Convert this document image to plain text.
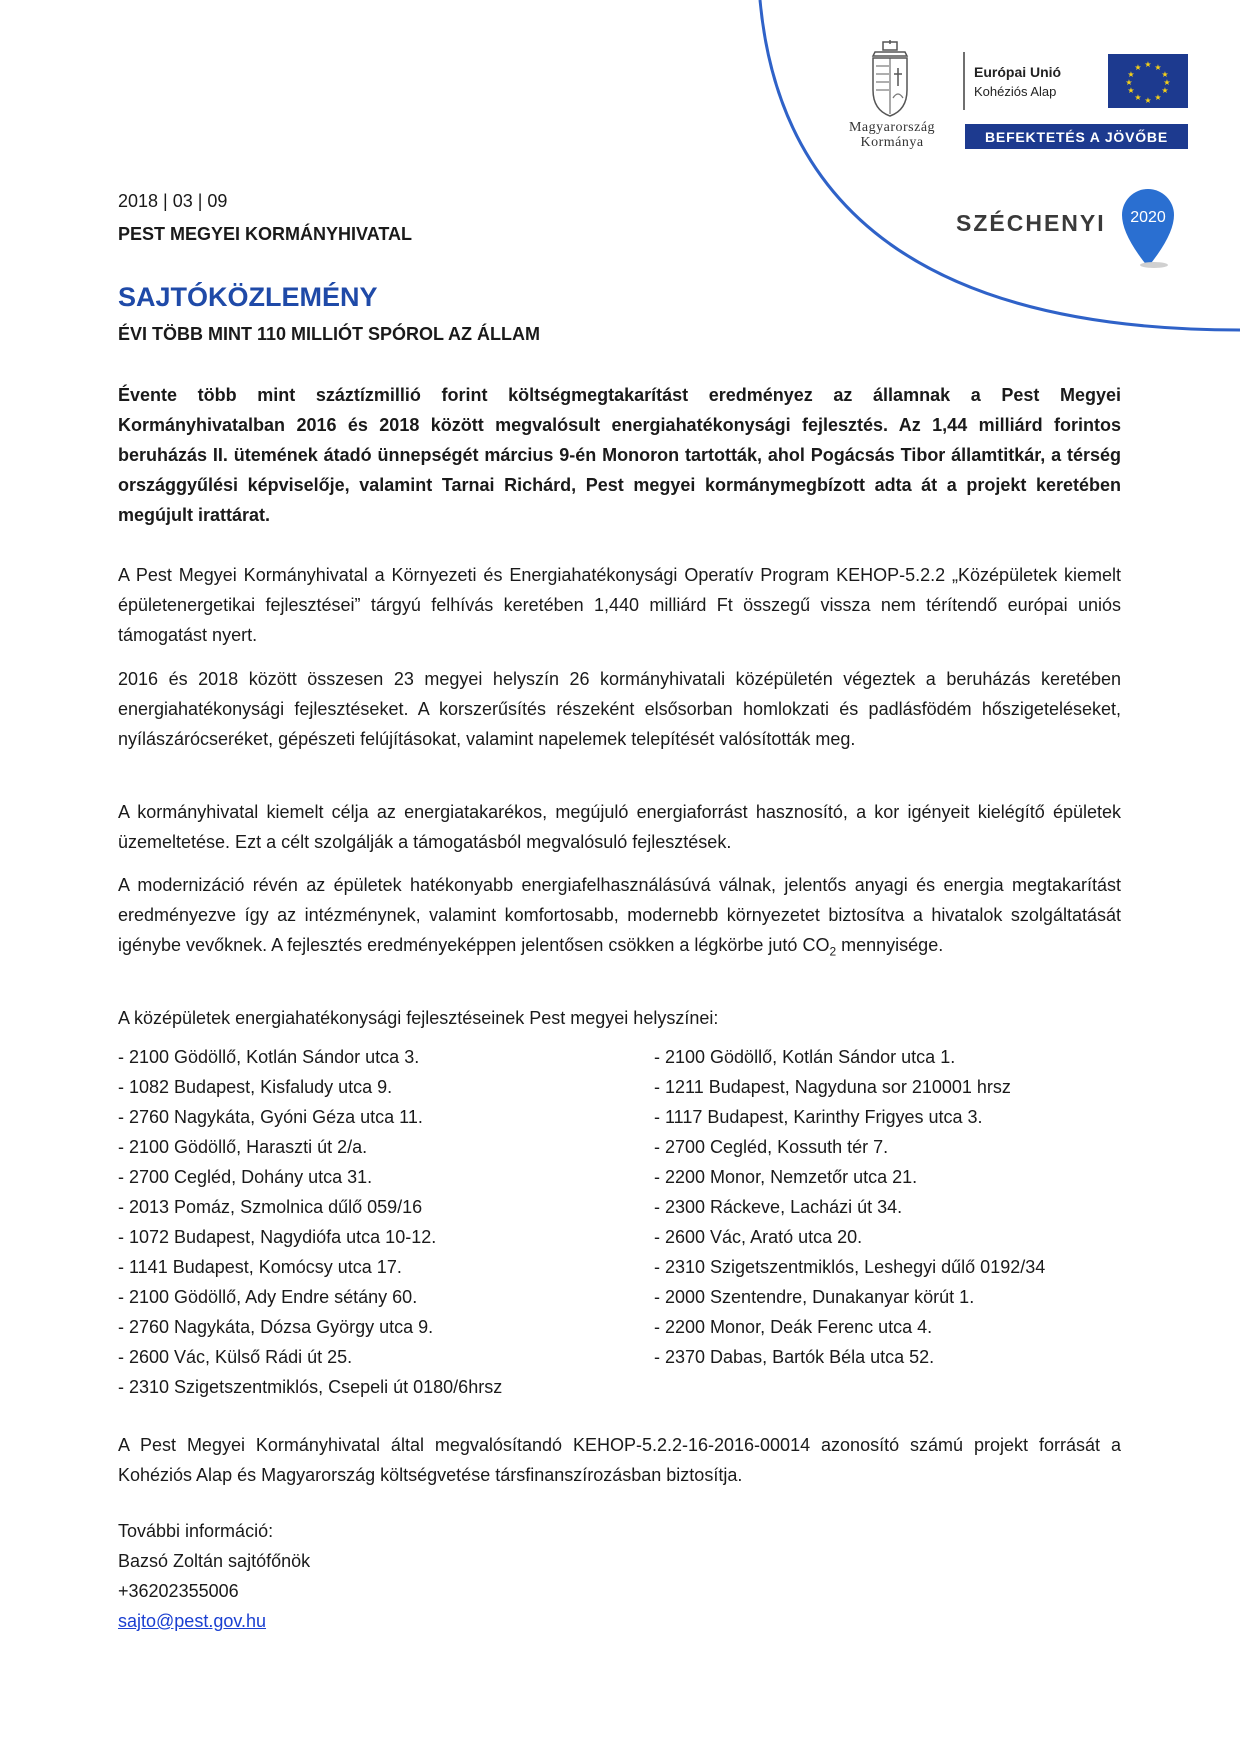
Magyarország
Kormánya
Európai Unió
Kohéziós Alap
★ ★
★
★
★
★
★
★
★
★
★
★
BEFEKTETÉS A JÖVŐBE
SZÉCHENYI 2020
2018 | 03 | 09
PEST MEGYEI KORMÁNYHIVATAL
SAJTÓKÖZLEMÉNY
ÉVI TÖBB MINT 110 MILLIÓT SPÓROL AZ ÁLLAM

Évente több mint száztízmillió forint költségmegtakarítást eredményez az államnak a Pest Megyei Kormányhivatalban 2016 és 2018 között megvalósult energiahatékonysági fejlesztés. Az 1,44 milliárd forintos beruházás II. ütemének átadó ünnepségét március 9-én Monoron tartották, ahol Pogácsás Tibor államtitkár, a térség országgyűlési képviselője, valamint Tarnai Richárd, Pest megyei kormánymegbízott adta át a projekt keretében megújult irattárat.

A Pest Megyei Kormányhivatal a Környezeti és Energiahatékonysági Operatív Program KEHOP-5.2.2 „Középületek kiemelt épületenergetikai fejlesztései” tárgyú felhívás keretében 1,440 milliárd Ft összegű vissza nem térítendő európai uniós támogatást nyert.

2016 és 2018 között összesen 23 megyei helyszín 26 kormányhivatali középületén végeztek a beruházás keretében energiahatékonysági fejlesztéseket. A korszerűsítés részeként elsősorban homlokzati és padlásfödém hőszigeteléseket, nyílászárócseréket, gépészeti felújításokat, valamint napelemek telepítését valósították meg.

A kormányhivatal kiemelt célja az energiatakarékos, megújuló energiaforrást hasznosító, a kor igényeit kielégítő épületek üzemeltetése. Ezt a célt szolgálják a támogatásból megvalósuló fejlesztések.

A modernizáció révén az épületek hatékonyabb energiafelhasználásúvá válnak, jelentős anyagi és energia megtakarítást eredményezve így az intézménynek, valamint komfortosabb, modernebb környezetet biztosítva a hivatalok szolgáltatását igénybe vevőknek. A fejlesztés eredményeképpen jelentősen csökken a légkörbe jutó $CO_2$ mennyisége.

A középületek energiahatékonysági fejlesztéseinek Pest megyei helyszínei:

- 2100 Gödöllő, Kotlán Sándor utca 3.
- 1082 Budapest, Kisfaludy utca 9.
- 2760 Nagykáta, Gyóni Géza utca 11.
- 2100 Gödöllő, Haraszti út 2/a.
- 2700 Cegléd, Dohány utca 31.
- 2013 Pomáz, Szmolnica dűlő 059/16
- 1072 Budapest, Nagydiófa utca 10-12.
- 1141 Budapest, Komócsy utca 17.
- 2100 Gödöllő, Ady Endre sétány 60.
- 2760 Nagykáta, Dózsa György utca 9.
- 2600 Vác, Külső Rádi út 25.
- 2310 Szigetszentmiklós, Csepeli út 0180/6hrsz
- 2100 Gödöllő, Kotlán Sándor utca 1.
- 1211 Budapest, Nagyduna sor 210001 hrsz
- 1117 Budapest, Karinthy Frigyes utca 3.
- 2700 Cegléd, Kossuth tér 7.
- 2200 Monor, Nemzetőr utca 21.
- 2300 Ráckeve, Lacházi út 34.
- 2600 Vác, Arató utca 20.
- 2310 Szigetszentmiklós, Leshegyi dűlő 0192/34
- 2000 Szentendre, Dunakanyar körút 1.
- 2200 Monor, Deák Ferenc utca 4.
- 2370 Dabas, Bartók Béla utca 52.

A Pest Megyei Kormányhivatal által megvalósítandó KEHOP-5.2.2-16-2016-00014 azonosító számú projekt forrását a Kohéziós Alap és Magyarország költségvetése társfinanszírozásban biztosítja.

További információ:
Bazsó Zoltán sajtófőnök
+36202355006
sajto@pest.gov.hu
